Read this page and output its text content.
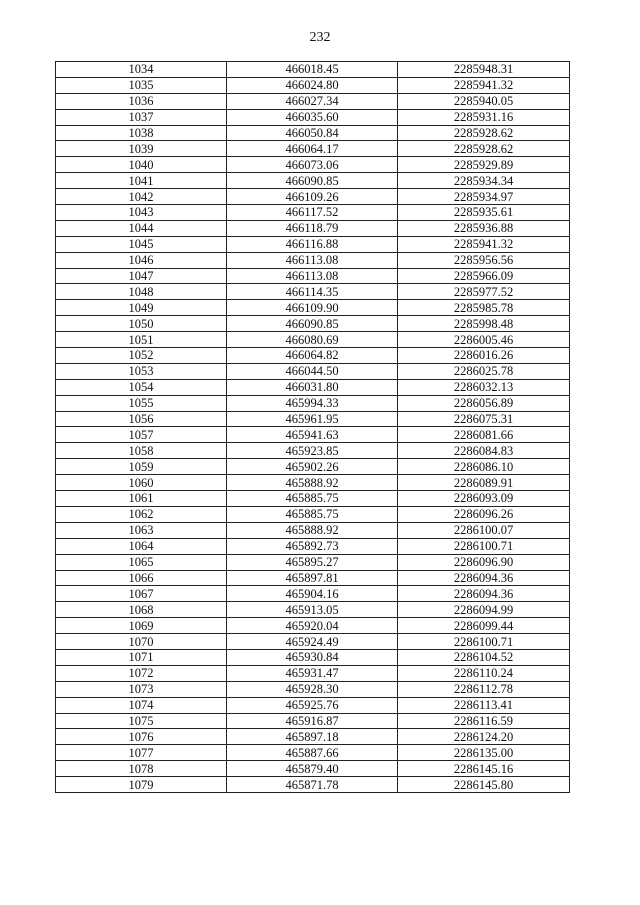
232
1034	466018.45	2285948.31
1035	466024.80	2285941.32
1036	466027.34	2285940.05
1037	466035.60	2285931.16
1038	466050.84	2285928.62
1039	466064.17	2285928.62
1040	466073.06	2285929.89
1041	466090.85	2285934.34
1042	466109.26	2285934.97
1043	466117.52	2285935.61
1044	466118.79	2285936.88
1045	466116.88	2285941.32
1046	466113.08	2285956.56
1047	466113.08	2285966.09
1048	466114.35	2285977.52
1049	466109.90	2285985.78
1050	466090.85	2285998.48
1051	466080.69	2286005.46
1052	466064.82	2286016.26
1053	466044.50	2286025.78
1054	466031.80	2286032.13
1055	465994.33	2286056.89
1056	465961.95	2286075.31
1057	465941.63	2286081.66
1058	465923.85	2286084.83
1059	465902.26	2286086.10
1060	465888.92	2286089.91
1061	465885.75	2286093.09
1062	465885.75	2286096.26
1063	465888.92	2286100.07
1064	465892.73	2286100.71
1065	465895.27	2286096.90
1066	465897.81	2286094.36
1067	465904.16	2286094.36
1068	465913.05	2286094.99
1069	465920.04	2286099.44
1070	465924.49	2286100.71
1071	465930.84	2286104.52
1072	465931.47	2286110.24
1073	465928.30	2286112.78
1074	465925.76	2286113.41
1075	465916.87	2286116.59
1076	465897.18	2286124.20
1077	465887.66	2286135.00
1078	465879.40	2286145.16
1079	465871.78	2286145.80
